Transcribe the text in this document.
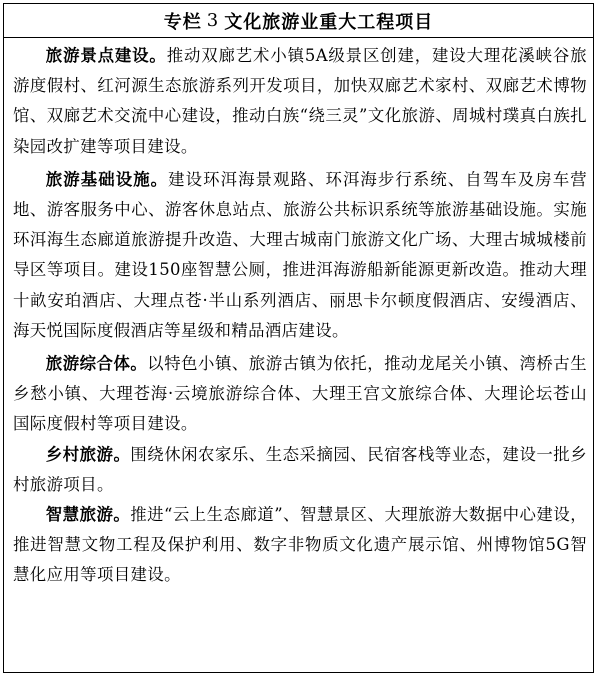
专栏 3 文化旅游业重大工程项目

旅游景点建设。推动双廊艺术小镇5A级景区创建，建设大理花溪峡谷旅游度假村、红河源生态旅游系列开发项目，加快双廊艺术家村、双廊艺术博物馆、双廊艺术交流中心建设，推动白族“绕三灵”文化旅游、周城村璞真白族扎染园改扩建等项目建设。

旅游基础设施。建设环洱海景观路、环洱海步行系统、自驾车及房车营地、游客服务中心、游客休息站点、旅游公共标识系统等旅游基础设施。实施环洱海生态廊道旅游提升改造、大理古城南门旅游文化广场、大理古城城楼前导区等项目。建设150座智慧公厕，推进洱海游船新能源更新改造。推动大理十畝安珀酒店、大理点苍·半山系列酒店、丽思卡尔顿度假酒店、安缦酒店、海天悦国际度假酒店等星级和精品酒店建设。

旅游综合体。以特色小镇、旅游古镇为依托，推动龙尾关小镇、湾桥古生乡愁小镇、大理苍海·云境旅游综合体、大理王宫文旅综合体、大理论坛苍山国际度假村等项目建设。

乡村旅游。围绕休闲农家乐、生态采摘园、民宿客栈等业态，建设一批乡村旅游项目。

智慧旅游。推进“云上生态廊道”、智慧景区、大理旅游大数据中心建设，推进智慧文物工程及保护利用、数字非物质文化遗产展示馆、州博物馆5G智慧化应用等项目建设。
